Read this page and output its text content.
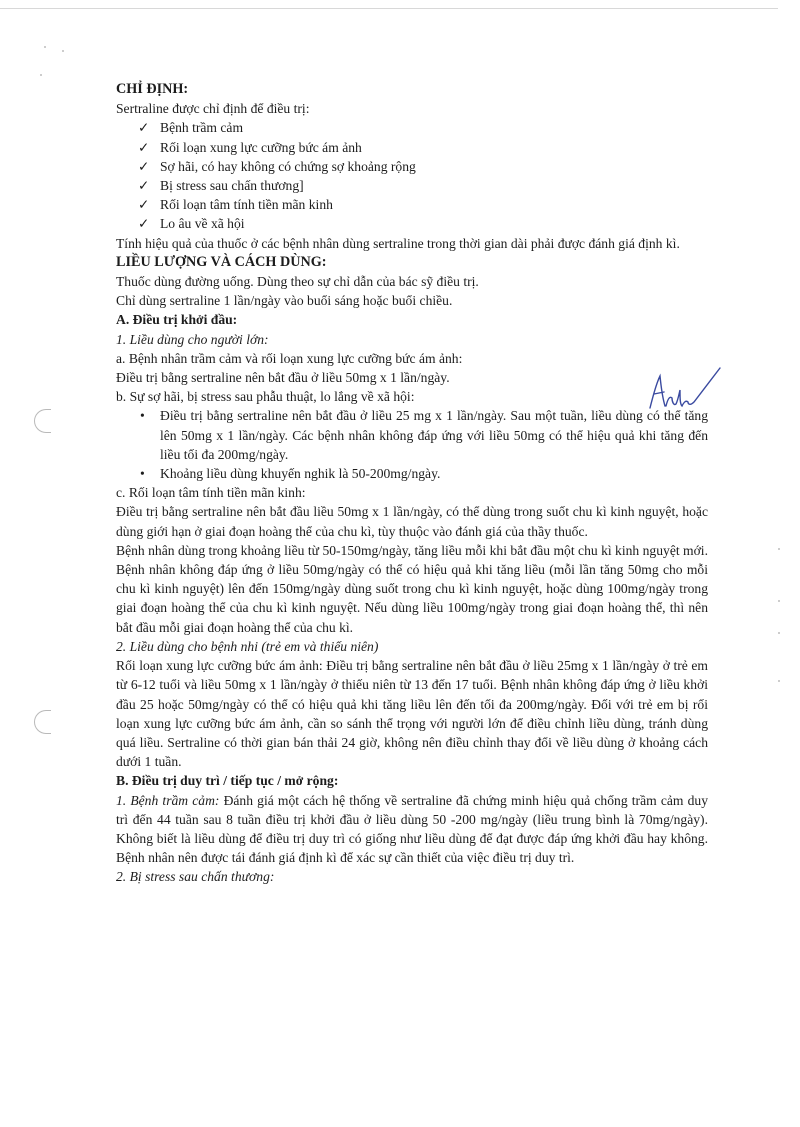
CHỈ ĐỊNH:

Sertraline được chỉ định để điều trị:

✓ Bệnh trầm cảm
✓ Rối loạn xung lực cưỡng bức ám ảnh
✓ Sợ hãi, có hay không có chứng sợ khoảng rộng
✓ Bị stress sau chấn thương]
✓ Rối loạn tâm tính tiền mãn kinh
✓ Lo âu về xã hội

Tính hiệu quả của thuốc ở các bệnh nhân dùng sertraline trong thời gian dài phải được đánh giá định kì.

LIỀU LƯỢNG VÀ CÁCH DÙNG:

Thuốc dùng đường uống. Dùng theo sự chỉ dẫn của bác sỹ điều trị.

Chỉ dùng sertraline 1 lần/ngày vào buổi sáng hoặc buổi chiều.

A. Điều trị khởi đầu:

1. Liều dùng cho người lớn:

a. Bệnh nhân trầm cảm và rối loạn xung lực cưỡng bức ám ảnh:

Điều trị bằng sertraline nên bắt đầu ở liều 50mg x 1 lần/ngày.

b. Sự sợ hãi, bị stress sau phẫu thuật, lo lắng về xã hội:

• Điều trị bằng sertraline nên bắt đầu ở liều 25 mg x 1 lần/ngày. Sau một tuần, liều dùng có thể tăng lên 50mg x 1 lần/ngày. Các bệnh nhân không đáp ứng với liều 50mg có thể hiệu quả khi tăng đến liều tối đa 200mg/ngày.
• Khoảng liều dùng khuyến nghik là 50-200mg/ngày.

c. Rối loạn tâm tính tiền mãn kinh:

Điều trị bằng sertraline nên bắt đầu liều 50mg x 1 lần/ngày, có thể dùng trong suốt chu kì kinh nguyệt, hoặc dùng giới hạn ở giai đoạn hoàng thể của chu kì, tùy thuộc vào đánh giá của thầy thuốc.

Bệnh nhân dùng trong khoảng liều từ 50-150mg/ngày, tăng liều mỗi khi bắt đầu một chu kì kinh nguyệt mới. Bệnh nhân không đáp ứng ở liều 50mg/ngày có thể có hiệu quả khi tăng liều (mỗi lần tăng 50mg cho mỗi chu kì kinh nguyệt) lên đến 150mg/ngày dùng suốt trong chu kì kinh nguyệt, hoặc dùng 100mg/ngày trong giai đoạn hoàng thể của chu kì kinh nguyệt. Nếu dùng liều 100mg/ngày trong giai đoạn hoàng thể, thì nên bắt đầu mỗi giai đoạn hoàng thể của chu kì.

2. Liều dùng cho bệnh nhi (trẻ em và thiếu niên)

Rối loạn xung lực cưỡng bức ám ảnh: Điều trị bằng sertraline nên bắt đầu ở liều 25mg x 1 lần/ngày ở trẻ em từ 6-12 tuổi và liều 50mg x 1 lần/ngày ở thiếu niên từ 13 đến 17 tuổi. Bệnh nhân không đáp ứng ở liều khởi đầu 25 hoặc 50mg/ngày có thể có hiệu quả khi tăng liều lên đến tối đa 200mg/ngày. Đối với trẻ em bị rối loạn xung lực cưỡng bức ám ảnh, cần so sánh thể trọng với người lớn để điều chỉnh liều dùng, tránh dùng quá liều. Sertraline có thời gian bán thải 24 giờ, không nên điều chỉnh thay đổi về liều dùng ở khoảng cách dưới 1 tuần.

B. Điều trị duy trì / tiếp tục / mở rộng:

1. Bệnh trầm cảm: Đánh giá một cách hệ thống về sertraline đã chứng minh hiệu quả chống trầm cảm duy trì đến 44 tuần sau 8 tuần điều trị khởi đầu ở liều dùng 50 -200 mg/ngày (liều trung bình là 70mg/ngày). Không biết là liều dùng để điều trị duy trì có giống như liều dùng để đạt được đáp ứng khởi đầu hay không. Bệnh nhân nên được tái đánh giá định kì để xác sự cần thiết của việc điều trị duy trì.

2. Bị stress sau chấn thương:
